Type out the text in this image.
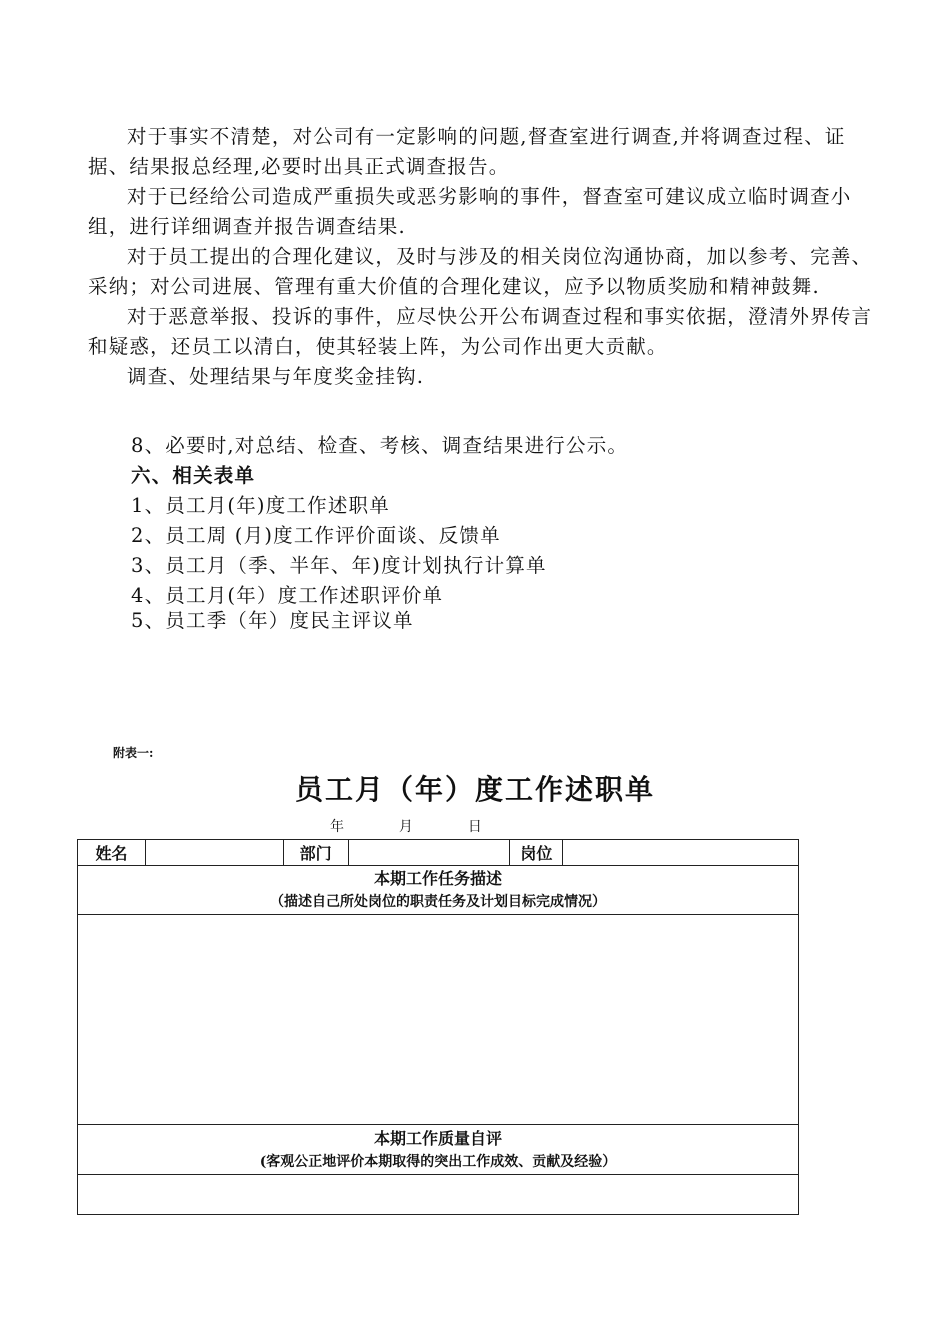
对于事实不清楚，对公司有一定影响的问题,督查室进行调查,并将调查过程、证据、结果报总经理,必要时出具正式调查报告。

对于已经给公司造成严重损失或恶劣影响的事件，督查室可建议成立临时调查小组，进行详细调查并报告调查结果.

对于员工提出的合理化建议，及时与涉及的相关岗位沟通协商，加以参考、完善、采纳；对公司进展、管理有重大价值的合理化建议，应予以物质奖励和精神鼓舞.

对于恶意举报、投诉的事件，应尽快公开公布调查过程和事实依据，澄清外界传言和疑惑，还员工以清白，使其轻装上阵，为公司作出更大贡献。

调查、处理结果与年度奖金挂钩.

8、必要时,对总结、检查、考核、调查结果进行公示。
六、相关表单
1、员工月(年)度工作述职单
2、员工周 (月)度工作评价面谈、反馈单
3、员工月（季、半年、年)度计划执行计算单
4、员工月(年）度工作述职评价单
5、员工季（年）度民主评议单
附表一:
员工月（年）度工作述职单
年	月	日
姓名		部门		岗位	

本期工作任务描述
（描述自己所处岗位的职责任务及计划目标完成情况）

本期工作质量自评
(客观公正地评价本期取得的突出工作成效、贡献及经验）
